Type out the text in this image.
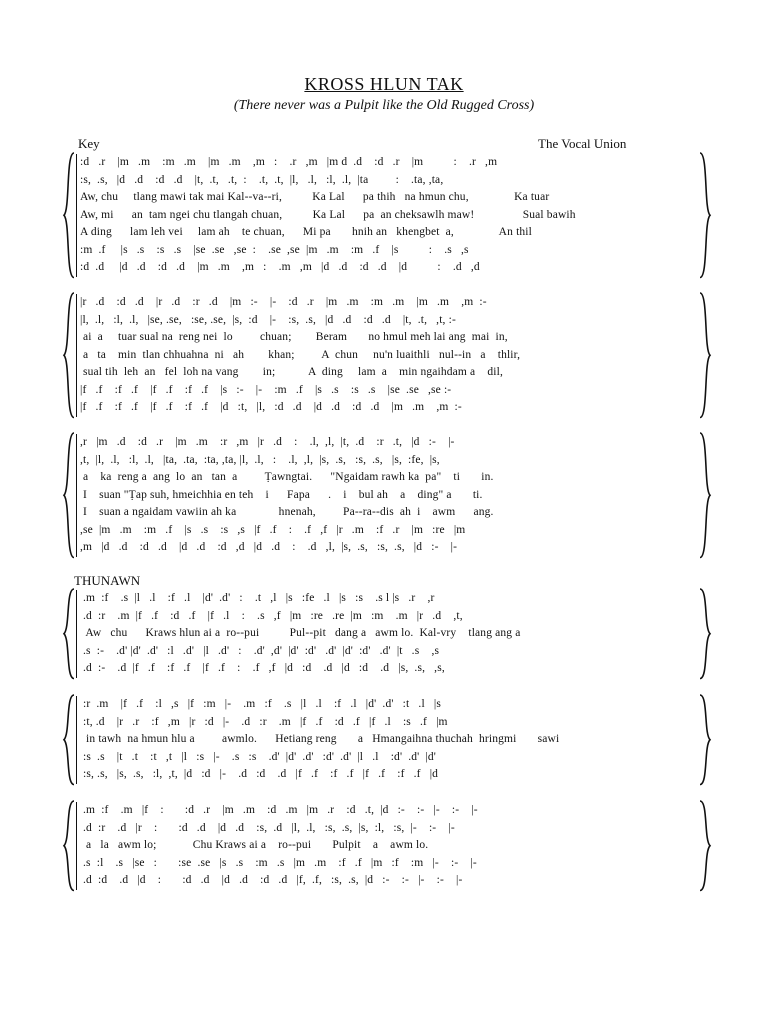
KROSS HLUN TAK
(There never was a Pulpit like the Old Rugged Cross)
Key	The Vocal Union
THUNAWN
:d   .r    |m   .m    :m   .m    |m   .m    ,m   :    .r   ,m   |m d  .d    :d   .r    |m          :    .r   ,m
:s,  .s,   |d   .d    :d   .d    |t,  .t,   .t,  :    .t,  .t,  |l,   .l,   :l,  .l,  |ta         :    .ta, ,ta,
Aw, chu     tlang mawi tak mai Kal--va--ri,          Ka Lal      pa thih   na hmun chu,               Ka tuar
Aw, mi      an  tam ngei chu tlangah chuan,          Ka Lal      pa  an cheksawlh maw!                Sual bawih
A ding      lam leh vei     lam ah    te chuan,      Mi pa       hnih an   khengbet  a,               An thil
:m  .f     |s   .s    :s   .s    |se  .se   ,se  :    .se  ,se  |m   .m    :m   .f    |s          :    .s   ,s
:d  .d     |d   .d    :d   .d    |m   .m    ,m   :    .m   ,m   |d   .d    :d   .d    |d          :    .d   ,d
|r   .d    :d   .d    |r   .d    :r   .d    |m   :-    |-    :d   .r    |m   .m    :m   .m    |m   .m    ,m  :-
|l,  .l,   :l,  .l,   |se, .se,   :se, .se,  |s,  :d    |-    :s,  .s,   |d   .d    :d   .d    |t,  .t,   ,t, :-
ai  a     tuar sual na  reng nei  lo         chuan;        Beram       no hmul meh lai ang  mai  in,
a   ta    min  tlan chhuahna  ni   ah        khan;         A  chun     nu'n luaithli   nul--in   a    thlir,
sual tih  leh  an   fel  loh na vang        in;           A  ding     lam  a    min ngaihdam a    dil,
|f   .f    :f   .f    |f   .f    :f   .f    |s   :-    |-    :m   .f    |s   .s    :s   .s    |se  .se   ,se :-
|f   .f    :f   .f    |f   .f    :f   .f    |d   :t,   |l,   :d   .d    |d   .d    :d   .d    |m   .m    ,m  :-
,r   |m   .d    :d   .r    |m   .m    :r   ,m   |r   .d    :    .l,  ,l,  |t,  .d    :r   .t,   |d   :-    |-
,t,  |l,  .l,   :l,  .l,   |ta,  .ta,  :ta, ,ta, |l,  .l,   :    .l,  ,l,  |s,  .s,   :s,  .s,   |s,  :fe,  |s,
a    ka  reng a  ang  lo  an   tan  a         Ṭawngtai.      "Ngaidam rawh ka  pa"    ti       in.
I    suan "Ṭap suh, hmeichhia en teh    i      Fapa      .    i    bul ah    a    ding" a       ti.
I    suan a ngaidam vawiin ah ka              hnenah,         Pa--ra--dis  ah  i    awm      ang.
,se  |m   .m    :m   .f    |s   .s    :s   ,s   |f   .f    :    .f   ,f   |r   .m    :f   .r    |m   :re   |m
,m   |d   .d    :d   .d    |d   .d    :d   ,d   |d   .d    :    .d   ,l,  |s,  .s,   :s,  .s,   |d   :-    |-
.m  :f    .s  |l   .l    :f   .l    |d'  .d'   :    .t   ,l   |s   :fe   .l   |s   :s    .s l |s   .r    ,r
.d  :r    .m  |f   .f    :d   .f    |f   .l    :    .s   ,f   |m   :re   .re  |m   :m    .m   |r   .d    ,t,
Aw   chu      Kraws hlun ai a  ro--pui          Pul--pit   dang a   awm lo.  Kal-vry    tlang ang a
.s  :-    .d' |d'  .d'   :l   .d'   |l   .d'   :    .d'  ,d'  |d'  :d'   .d'  |d'  :d'   .d'  |t   .s    ,s
.d  :-    .d  |f   .f    :f   .f    |f   .f    :    .f   ,f   |d   :d    .d   |d   :d    .d   |s,  .s,   ,s,
:r  .m    |f   .f    :l   ,s   |f   :m   |-    .m   :f    .s   |l   .l    :f   .l   |d'  .d'   :t   .l   |s
:t, .d    |r   .r    :f   ,m   |r   :d   |-    .d   :r    .m   |f   .f    :d   .f   |f   .l    :s   .f   |m
in tawh  na hmun hlu a         awmlo.      Hetiang reng       a   Hmangaihna thuchah  hringmi       sawi
:s  .s    |t   .t    :t   ,t   |l   :s   |-    .s   :s    .d'  |d'  .d'   :d'  .d'  |l   .l    :d'  .d'  |d'
:s, .s,   |s,  .s,   :l,  ,t,  |d   :d   |-    .d   :d    .d   |f   .f    :f   .f   |f   .f    :f   .f   |d
.m  :f    .m   |f    :       :d   .r    |m   .m    :d   .m   |m   .r    :d   .t,  |d   :-    :-   |-    :-    |-
.d  :r    .d   |r    :       :d   .d    |d   .d    :s,  .d   |l,  .l,   :s,  .s,  |s,  :l,   :s,  |-    :-    |-
a   la   awm lo;            Chu Kraws ai a    ro--pui       Pulpit    a    awm lo.
.s  :l    .s   |se   :       :se  .se   |s   .s    :m   .s   |m   .m    :f   .f   |m   :f    :m   |-    :-    |-
.d  :d    .d   |d    :       :d   .d    |d   .d    :d   .d   |f,  .f,   :s,  .s,  |d   :-    :-   |-    :-    |-
